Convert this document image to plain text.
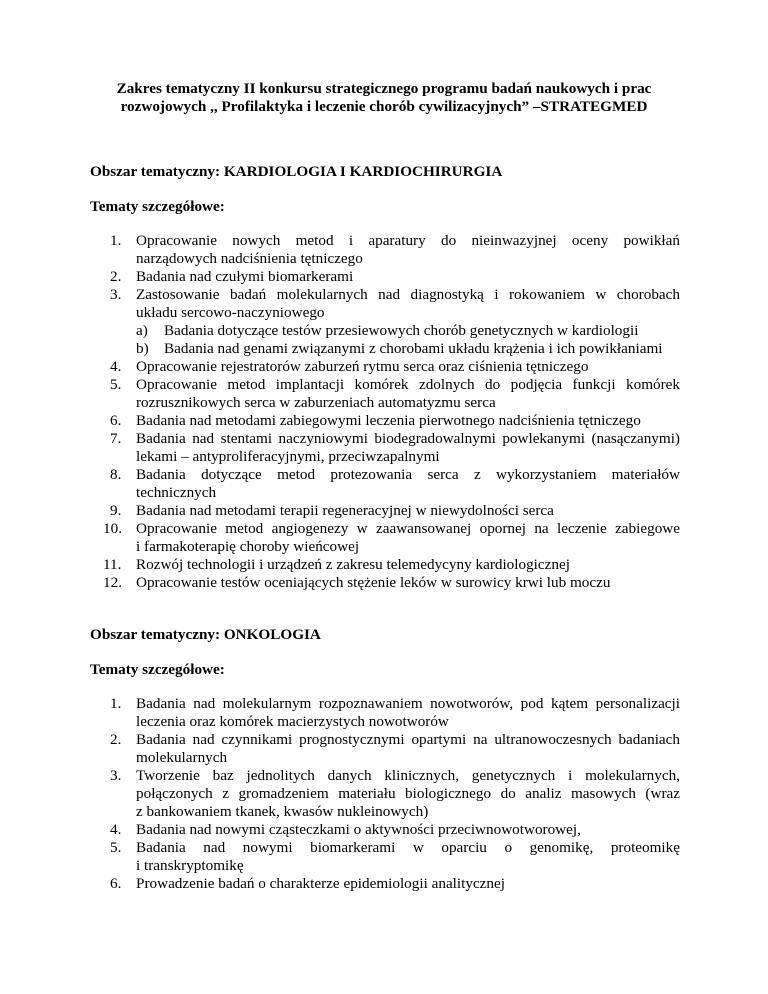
Zakres tematyczny II konkursu strategicznego programu badań naukowych i prac
rozwojowych ,, Profilaktyka i leczenie chorób cywilizacyjnych” –STRATEGMED
Obszar tematyczny: KARDIOLOGIA I KARDIOCHIRURGIA
Tematy szczegółowe:
1. Opracowanie nowych metod i aparatury do nieinwazyjnej oceny powikłań
narządowych nadciśnienia tętniczego
2. Badania nad czułymi biomarkerami
3. Zastosowanie badań molekularnych nad diagnostyką i rokowaniem w chorobach
układu sercowo-naczyniowego
a) Badania dotyczące testów przesiewowych chorób genetycznych w kardiologii
b) Badania nad genami związanymi z chorobami układu krążenia i ich powikłaniami
4. Opracowanie rejestratorów zaburzeń rytmu serca oraz ciśnienia tętniczego
5. Opracowanie metod implantacji komórek zdolnych do podjęcia funkcji komórek
rozrusznikowych serca w zaburzeniach automatyzmu serca
6. Badania nad metodami zabiegowymi leczenia pierwotnego nadciśnienia tętniczego
7. Badania nad stentami naczyniowymi biodegradowalnymi powlekanymi (nasączanymi)
lekami – antyproliferacyjnymi, przeciwzapalnymi
8. Badania dotyczące metod protezowania serca z wykorzystaniem materiałów
technicznych
9. Badania nad metodami terapii regeneracyjnej w niewydolności serca
10. Opracowanie metod angiogenezy w zaawansowanej opornej na leczenie zabiegowe
i farmakoterapię choroby wieńcowej
11. Rozwój technologii i urządzeń z zakresu telemedycyny kardiologicznej
12. Opracowanie testów oceniających stężenie leków w surowicy krwi lub moczu
Obszar tematyczny: ONKOLOGIA
Tematy szczegółowe:
1. Badania nad molekularnym rozpoznawaniem nowotworów, pod kątem personalizacji
leczenia oraz komórek macierzystych nowotworów
2. Badania nad czynnikami prognostycznymi opartymi na ultranowoczesnych badaniach
molekularnych
3. Tworzenie baz jednolitych danych klinicznych, genetycznych i molekularnych,
połączonych z gromadzeniem materiału biologicznego do analiz masowych (wraz
z bankowaniem tkanek, kwasów nukleinowych)
4. Badania nad nowymi cząsteczkami o aktywności przeciwnowotworowej,
5. Badania nad nowymi biomarkerami w oparciu o genomikę, proteomikę
i transkryptomikę
6. Prowadzenie badań o charakterze epidemiologii analitycznej
